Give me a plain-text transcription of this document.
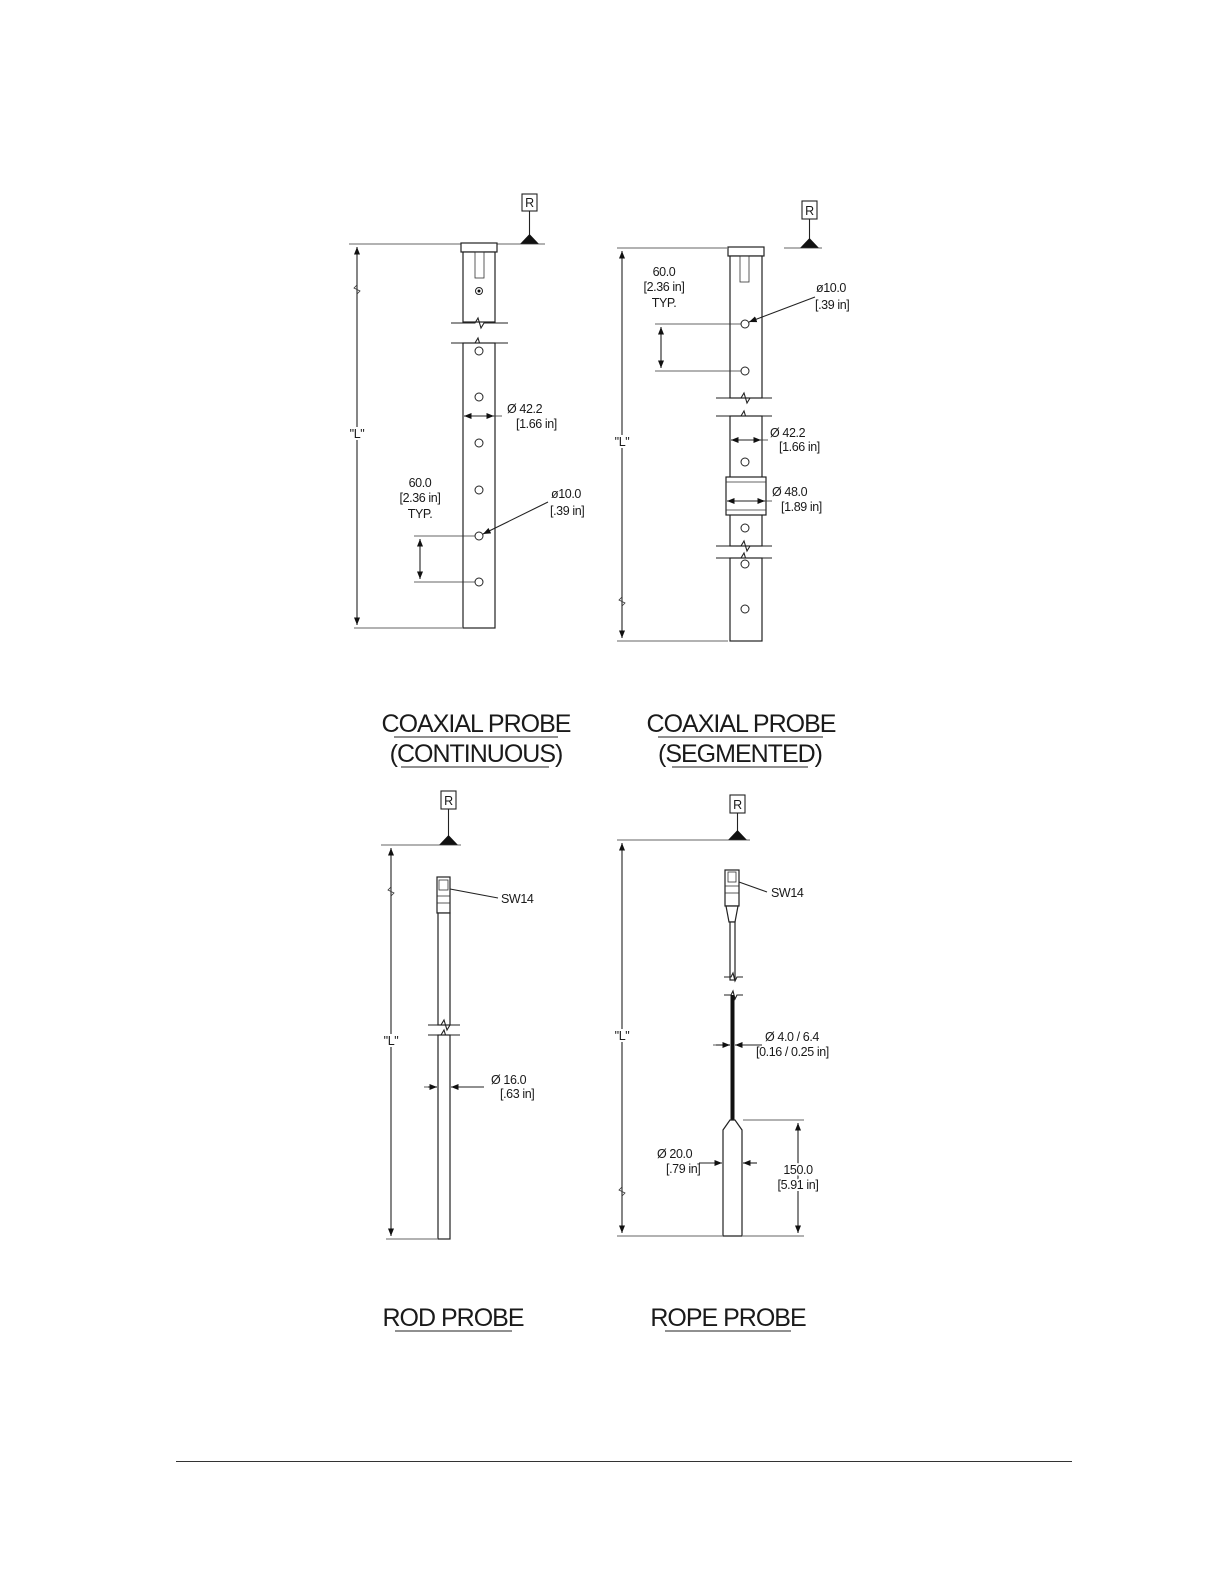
R
"L"
Ø 42.2
[1.66 in]
ø10.0
[.39 in]
60.0
[2.36 in]
TYP.
R
"L"
60.0
[2.36 in]
TYP.
ø10.0
[.39 in]
Ø 42.2
[1.66 in]
Ø 48.0
[1.89 in]
COAXIAL PROBE
(CONTINUOUS)
COAXIAL PROBE
(SEGMENTED)
R
"L"
SW14
Ø 16.0
[.63 in]
R
"L"
SW14
Ø 4.0 / 6.4
[0.16 / 0.25 in]
150.0
[5.91 in]
Ø 20.0
[.79 in]
ROD PROBE	ROPE PROBE
